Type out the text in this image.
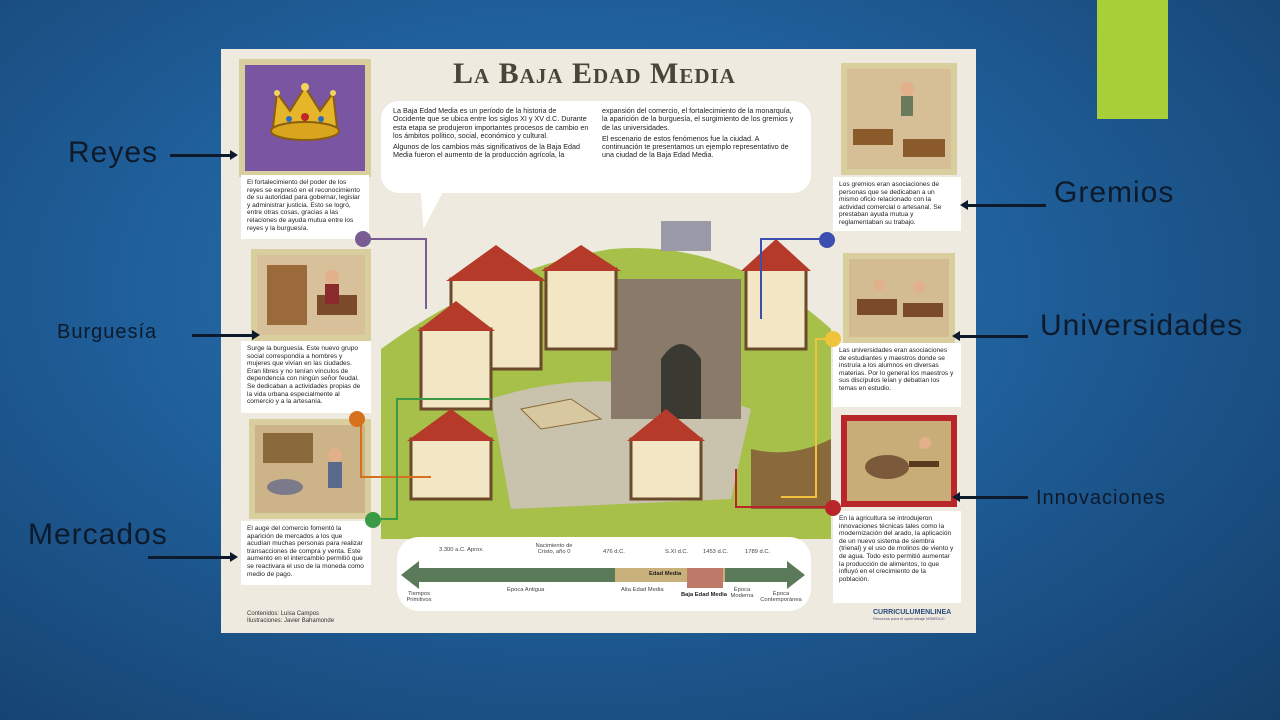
La Baja Edad Media

La Baja Edad Media es un período de la historia de Occidente que se ubica entre los siglos XI y XV d.C. Durante esta etapa se produjeron importantes procesos de cambio en los ámbitos político, social, económico y cultural.

Algunos de los cambios más significativos de la Baja Edad Media fueron el aumento de la producción agrícola, la expansión del comercio, el fortalecimiento de la monarquía, la aparición de la burguesía, el surgimiento de los gremios y de las universidades.

El escenario de estos fenómenos fue la ciudad. A continuación te presentamos un ejemplo representativo de una ciudad de la Baja Edad Media.

El fortalecimiento del poder de los reyes se expresó en el reconocimiento de su autoridad para gobernar, legislar y administrar justicia. Esto se logró, entre otras cosas, gracias a las relaciones de ayuda mutua entre los reyes y la burguesía.
Surge la burguesía. Este nuevo grupo social correspondía a hombres y mujeres que vivían en las ciudades. Eran libres y no tenían vínculos de dependencia con ningún señor feudal. Se dedicaban a actividades propias de la vida urbana especialmente al comercio y a la artesanía.
El auge del comercio fomentó la aparición de mercados a los que acudían muchas personas para realizar transacciones de compra y venta. Este aumento en el intercambio permitió que se reactivara el uso de la moneda como medio de pago.
Los gremios eran asociaciones de personas que se dedicaban a un mismo oficio relacionado con la actividad comercial o artesanal. Se prestaban ayuda mutua y reglamentaban su trabajo.
Las universidades eran asociaciones de estudiantes y maestros donde se instruía a los alumnos en diversas materias. Por lo general los maestros y sus discípulos leían y debatían los temas en estudio.
En la agricultura se introdujeron innovaciones técnicas tales como la modernización del arado, la aplicación de un nuevo sistema de siembra (trienal) y el uso de molinos de viento y de agua. Todo esto permitió aumentar la producción de alimentos, lo que influyó en el crecimiento de la población.
3.300 a.C. Aprox.
Nacimiento de Cristo, año 0	476 d.C.	S.XI d.C.	1453 d.C.	1789 d.C.
Tiempos Primitivos
Época Antigua	Alta Edad Media
Edad Media
Baja Edad Media
Época Moderna	Época Contemporánea
Contenidos: Luisa Campos
Ilustraciones: Javier Bahamonde
CURRICULUMENLINEA
Recursos para el aprendizaje MINEDUC
Reyes
Burguesía
Mercados
Gremios
Universidades
Innovaciones
